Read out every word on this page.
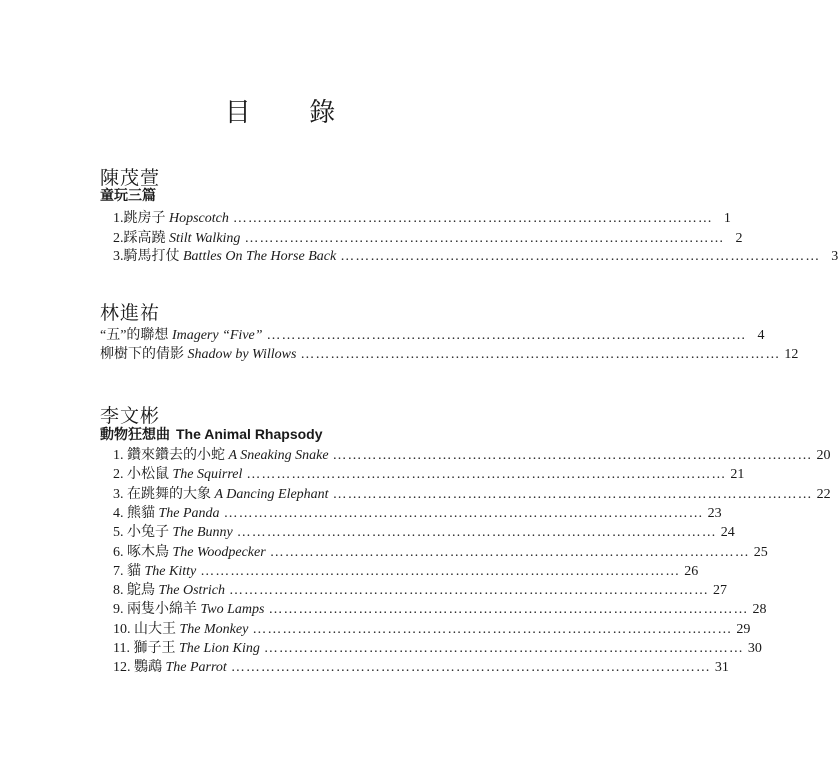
目 錄
陳茂萱
童玩三篇
1.跳房子 Hopscotch …………………………………………………………………………………… 1
2.踩高蹺 Stilt Walking …………………………………………………………………………………… 2
3.騎馬打仗 Battles On The Horse Back …………………………………………………………………………………… 3
林進祐
“五”的聯想 Imagery “Five” …………………………………………………………………………………… 4
柳樹下的倩影 Shadow by Willows …………………………………………………………………………………… 12
李文彬
動物狂想曲 The Animal Rhapsody
1. 鑽來鑽去的小蛇 A Sneaking Snake …………………………………………………………………………………… 20
2. 小松鼠 The Squirrel …………………………………………………………………………………… 21
3. 在跳舞的大象 A Dancing Elephant …………………………………………………………………………………… 22
4. 熊貓 The Panda …………………………………………………………………………………… 23
5. 小兔子 The Bunny …………………………………………………………………………………… 24
6. 啄木鳥 The Woodpecker …………………………………………………………………………………… 25
7. 貓 The Kitty …………………………………………………………………………………… 26
8. 鴕鳥 The Ostrich …………………………………………………………………………………… 27
9. 兩隻小綿羊 Two Lamps …………………………………………………………………………………… 28
10. 山大王 The Monkey …………………………………………………………………………………… 29
11. 獅子王 The Lion King …………………………………………………………………………………… 30
12. 鸚鵡 The Parrot …………………………………………………………………………………… 31
